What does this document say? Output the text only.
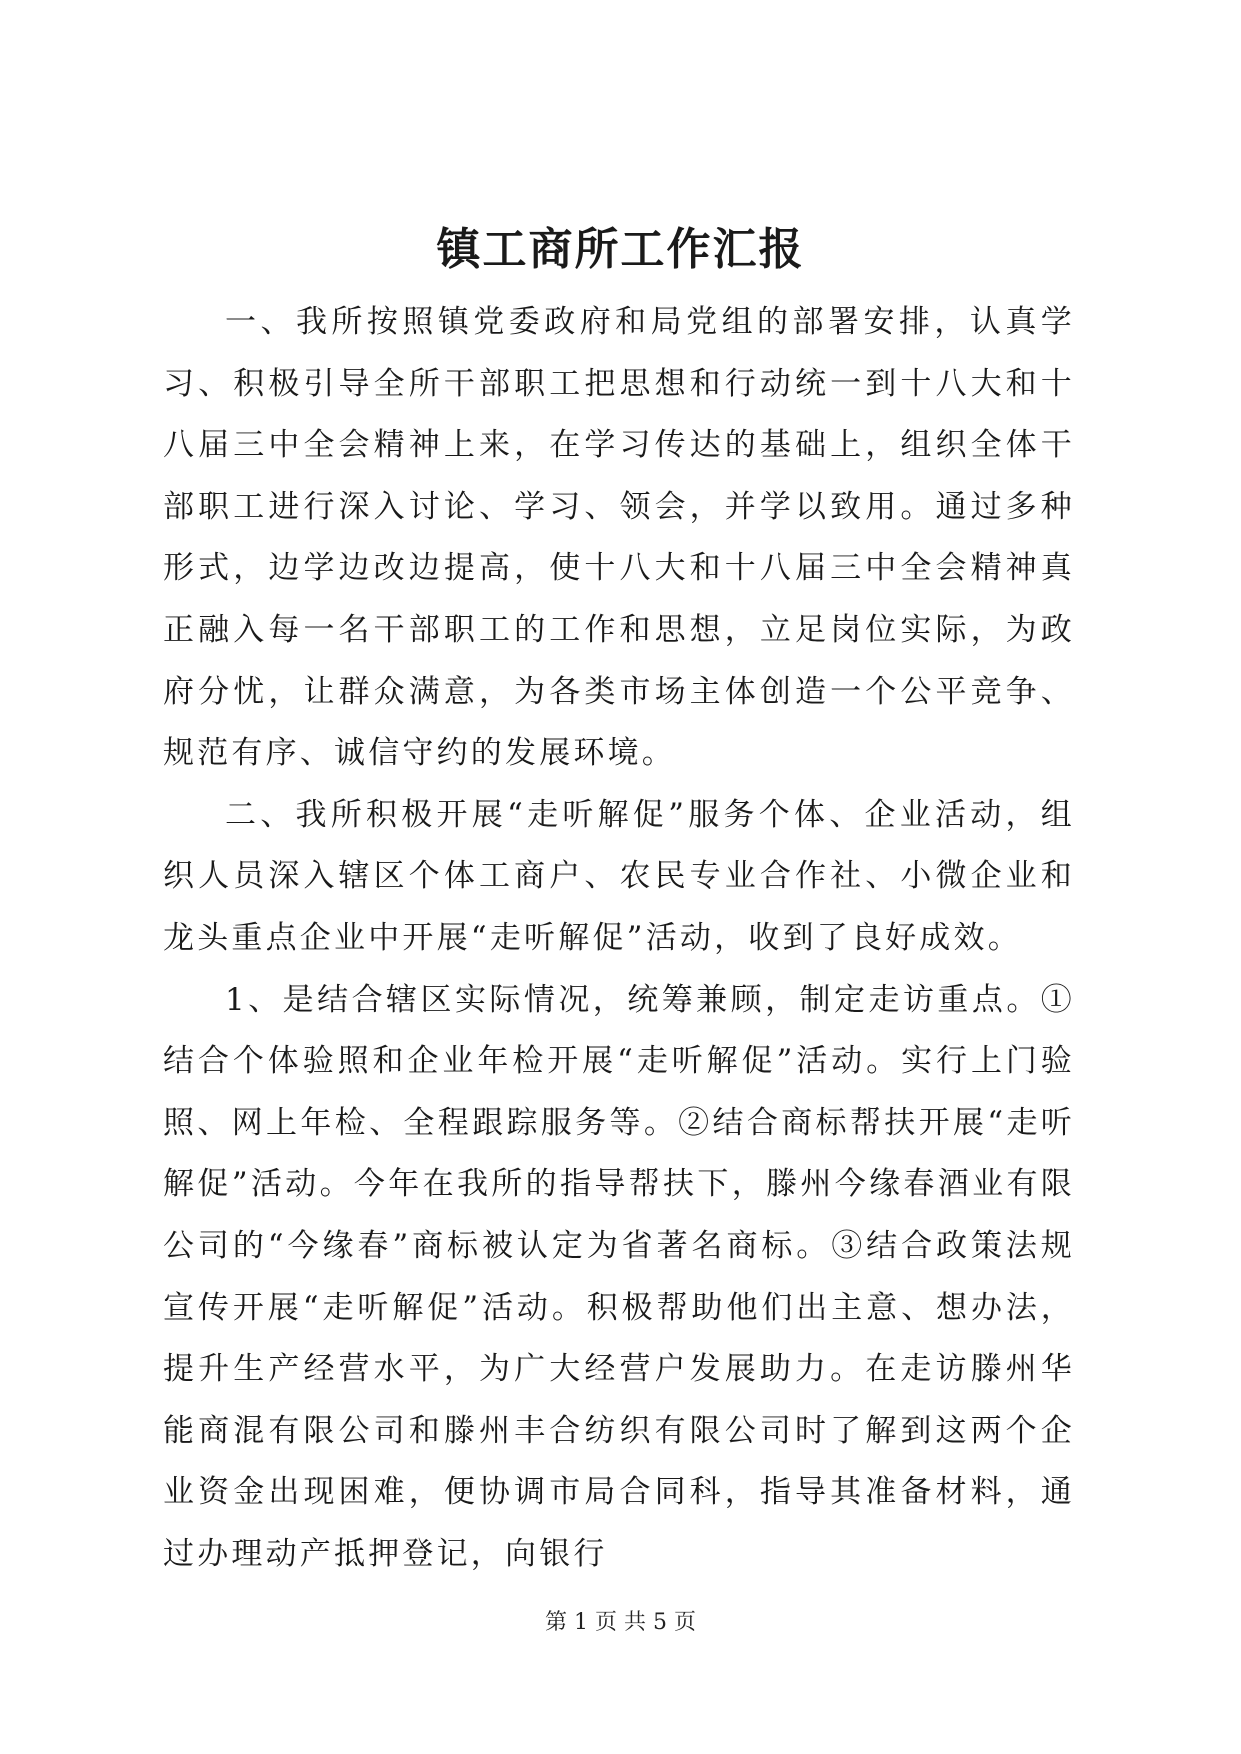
镇工商所工作汇报

一、我所按照镇党委政府和局党组的部署安排，认真学习、积极引导全所干部职工把思想和行动统一到十八大和十八届三中全会精神上来，在学习传达的基础上，组织全体干部职工进行深入讨论、学习、领会，并学以致用。通过多种形式，边学边改边提高，使十八大和十八届三中全会精神真正融入每一名干部职工的工作和思想，立足岗位实际，为政府分忧，让群众满意，为各类市场主体创造一个公平竞争、规范有序、诚信守约的发展环境。

二、我所积极开展“走听解促”服务个体、企业活动，组织人员深入辖区个体工商户、农民专业合作社、小微企业和龙头重点企业中开展“走听解促”活动，收到了良好成效。

1、是结合辖区实际情况，统筹兼顾，制定走访重点。①结合个体验照和企业年检开展“走听解促”活动。实行上门验照、网上年检、全程跟踪服务等。②结合商标帮扶开展“走听解促”活动。今年在我所的指导帮扶下，滕州今缘春酒业有限公司的“今缘春”商标被认定为省著名商标。③结合政策法规宣传开展“走听解促”活动。积极帮助他们出主意、想办法，提升生产经营水平，为广大经营户发展助力。在走访滕州华能商混有限公司和滕州丰合纺织有限公司时了解到这两个企业资金出现困难，便协调市局合同科，指导其准备材料，通过办理动产抵押登记，向银行

第 1 页 共 5 页
